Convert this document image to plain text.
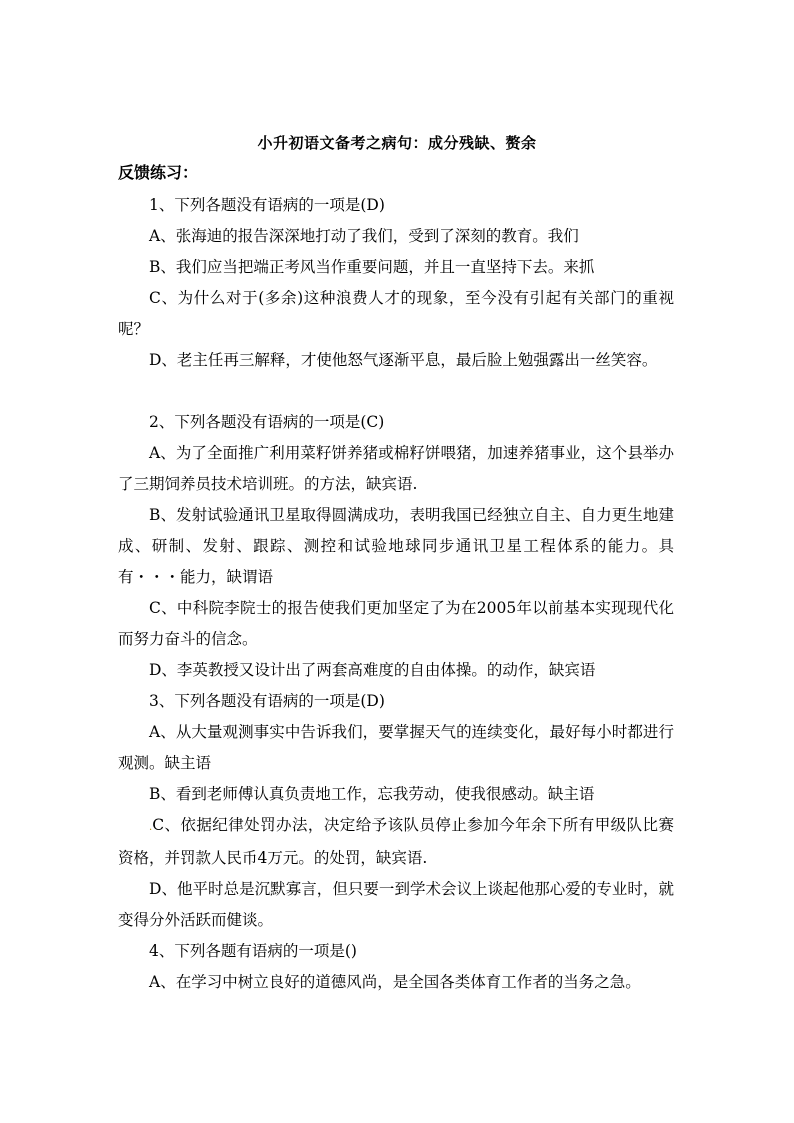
小升初语文备考之病句：成分残缺、赘余
反馈练习：

1、下列各题没有语病的一项是(D)

A、张海迪的报告深深地打动了我们，受到了深刻的教育。我们

B、我们应当把端正考风当作重要问题，并且一直坚持下去。来抓

C、为什么对于(多余)这种浪费人才的现象，至今没有引起有关部门的重视呢？

D、老主任再三解释，才使他怒气逐渐平息，最后脸上勉强露出一丝笑容。

2、下列各题没有语病的一项是(C)

A、为了全面推广利用菜籽饼养猪或棉籽饼喂猪，加速养猪事业，这个县举办了三期饲养员技术培训班。的方法，缺宾语.

B、发射试验通讯卫星取得圆满成功，表明我国已经独立自主、自力更生地建成、研制、发射、跟踪、测控和试验地球同步通讯卫星工程体系的能力。具有・・・能力，缺谓语

C、中科院李院士的报告使我们更加坚定了为在2005年以前基本实现现代化而努力奋斗的信念。

D、李英教授又设计出了两套高难度的自由体操。的动作，缺宾语

3、下列各题没有语病的一项是(D)

A、从大量观测事实中告诉我们，要掌握天气的连续变化，最好每小时都进行观测。缺主语

B、看到老师傅认真负责地工作，忘我劳动，使我很感动。缺主语

.C、依据纪律处罚办法，决定给予该队员停止参加今年余下所有甲级队比赛资格，并罚款人民币4万元。的处罚，缺宾语.

D、他平时总是沉默寡言，但只要一到学术会议上谈起他那心爱的专业时，就变得分外活跃而健谈。

4、下列各题有语病的一项是()

A、在学习中树立良好的道德风尚，是全国各类体育工作者的当务之急。
